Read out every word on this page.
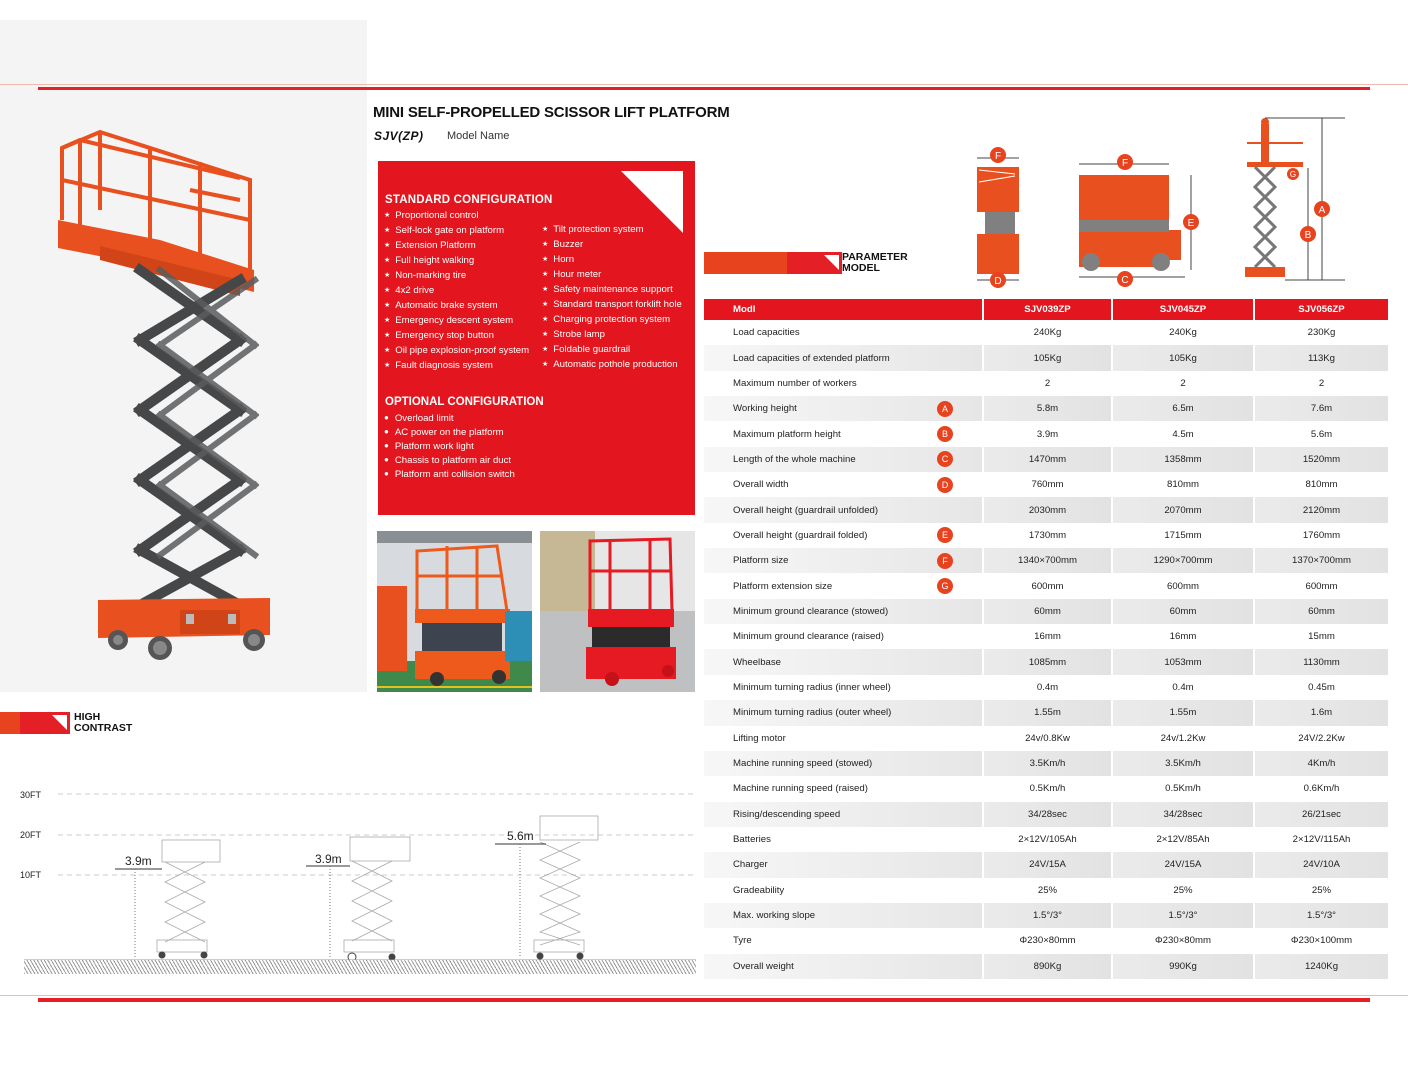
MINI SELF-PROPELLED SCISSOR LIFT PLATFORM
SJV(ZP) Model Name
STANDARD CONFIGURATION
★ Proportional control
★ Self-lock gate on platform
★ Extension Platform
★ Full height walking
★ Non-marking tire
★ 4x2 drive
★ Automatic brake system
★ Emergency descent system
★ Emergency stop button
★ Oil pipe explosion-proof system
★ Fault diagnosis system
★ Tilt protection system
★ Buzzer
★ Horn
★ Hour meter
★ Safety maintenance support
★ Standard transport forklift hole
★ Charging protection system
★ Strobe lamp
★ Foldable guardrail
★ Automatic pothole production
OPTIONAL CONFIGURATION
● Overload limit
● AC power on the platform
● Platform work light
● Chassis to platform air duct
● Platform anti collision switch
PARAMETER
MODEL
F
D
F
E
C
G
A
B
Modl	SJV039ZP	SJV045ZP	SJV056ZP
Load capacities	240Kg	240Kg	230Kg
Load capacities of extended platform	105Kg	105Kg	113Kg
Maximum number of workers	2	2	2
Working height A	5.8m	6.5m	7.6m
Maximum platform height B	3.9m	4.5m	5.6m
Length of the whole machine C	1470mm	1358mm	1520mm
Overall width D	760mm	810mm	810mm
Overall height (guardrail unfolded)	2030mm	2070mm	2120mm
Overall height (guardrail folded) E	1730mm	1715mm	1760mm
Platform size F	1340×700mm	1290×700mm	1370×700mm
Platform extension size G	600mm	600mm	600mm
Minimum ground clearance (stowed)	60mm	60mm	60mm
Minimum ground clearance (raised)	16mm	16mm	15mm
Wheelbase	1085mm	1053mm	1130mm
Minimum turning radius (inner wheel)	0.4m	0.4m	0.45m
Minimum turning radius (outer wheel)	1.55m	1.55m	1.6m
Lifting motor	24v/0.8Kw	24v/1.2Kw	24V/2.2Kw
Machine running speed (stowed)	3.5Km/h	3.5Km/h	4Km/h
Machine running speed (raised)	0.5Km/h	0.5Km/h	0.6Km/h
Rising/descending speed	34/28sec	34/28sec	26/21sec
Batteries	2×12V/105Ah	2×12V/85Ah	2×12V/115Ah
Charger	24V/15A	24V/15A	24V/10A
Gradeability	25%	25%	25%
Max. working slope	1.5°/3°	1.5°/3°	1.5°/3°
Tyre	Φ230×80mm	Φ230×80mm	Φ230×100mm
Overall weight	890Kg	990Kg	1240Kg
HIGH
CONTRAST
30FT
20FT
10FT
3.9m	3.9m
5.6m
